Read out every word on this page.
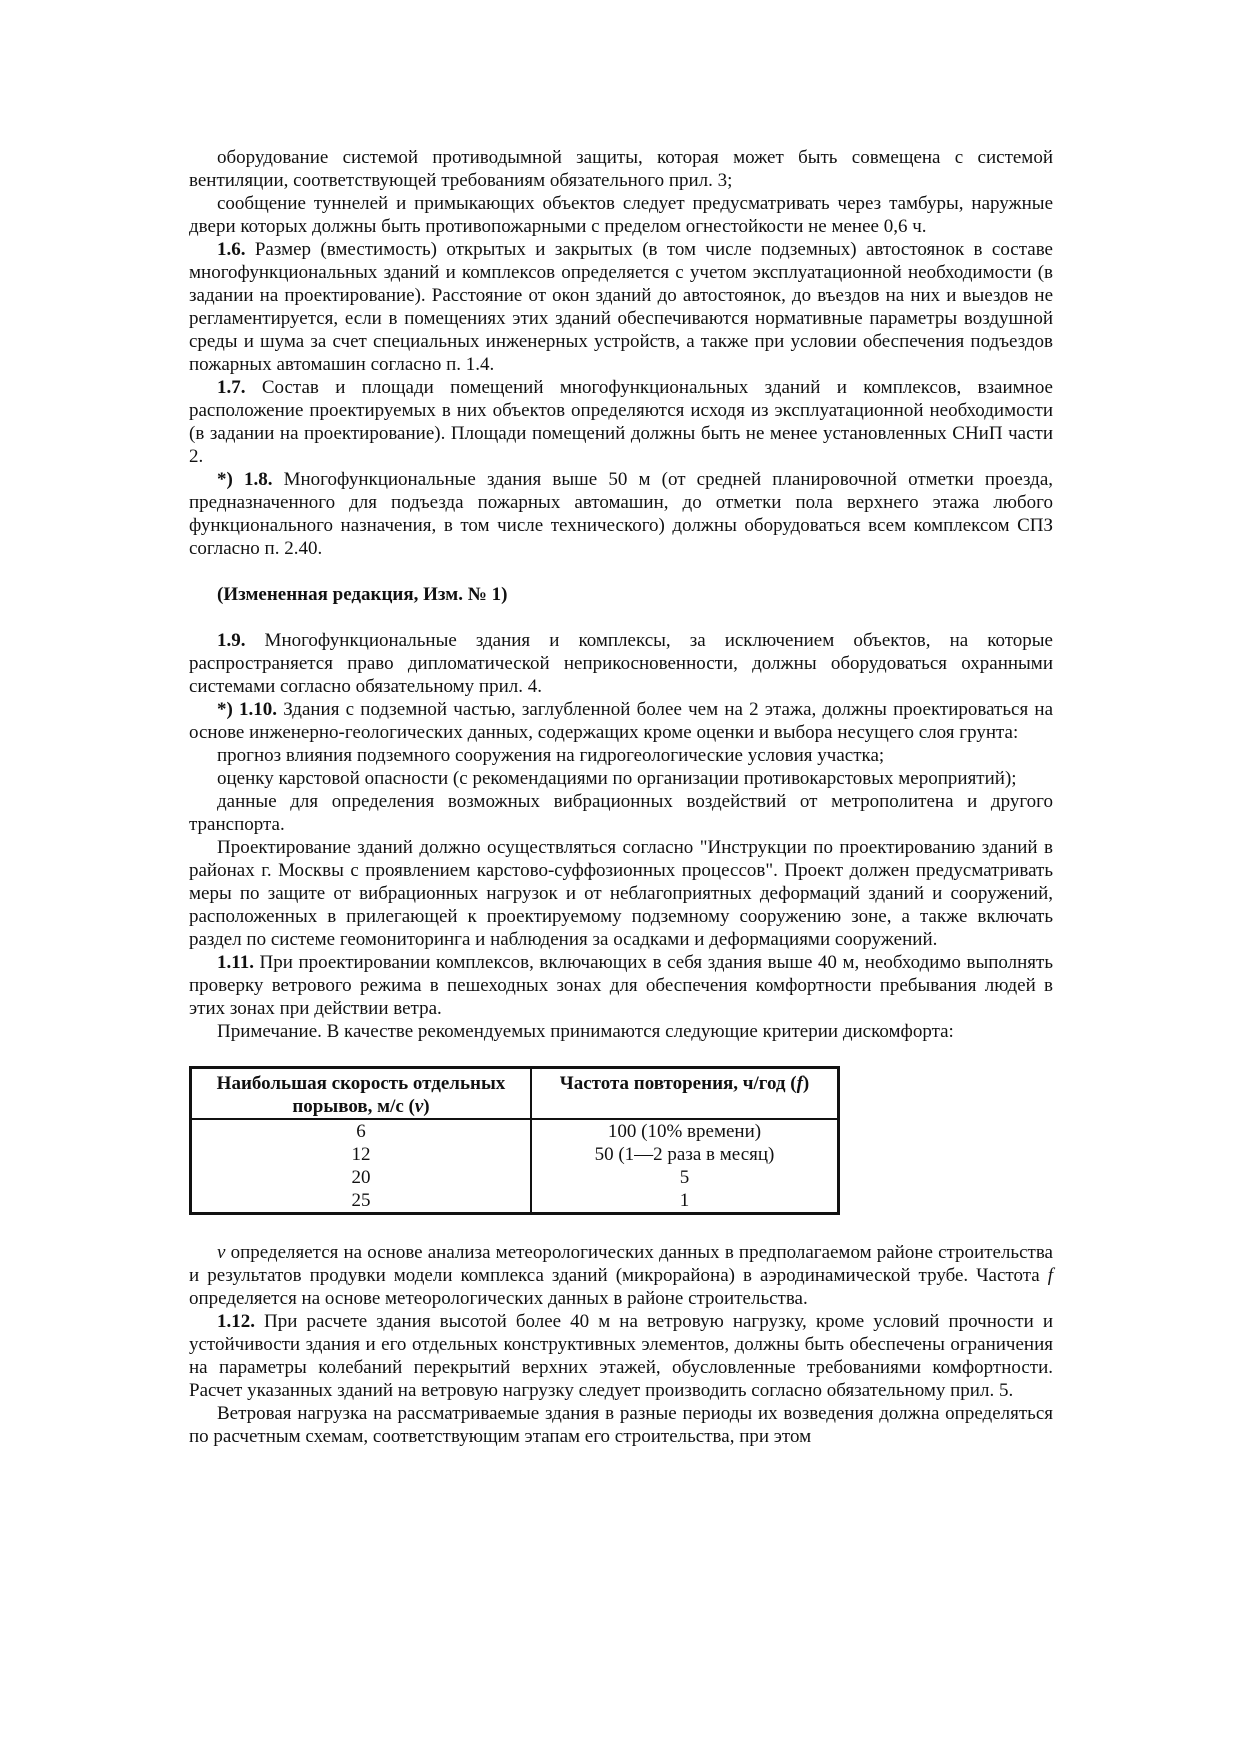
оборудование системой противодымной защиты, которая может быть совмещена с системой вентиляции, соответствующей требованиям обязательного прил. 3;

сообщение туннелей и примыкающих объектов следует предусматривать через тамбуры, наружные двери которых должны быть противопожарными с пределом огнестойкости не менее 0,6 ч.

1.6. Размер (вместимость) открытых и закрытых (в том числе подземных) автостоянок в составе многофункциональных зданий и комплексов определяется с учетом эксплуатационной необходимости (в задании на проектирование). Расстояние от окон зданий до автостоянок, до въездов на них и выездов не регламентируется, если в помещениях этих зданий обеспечиваются нормативные параметры воздушной среды и шума за счет специальных инженерных устройств, а также при условии обеспечения подъездов пожарных автомашин согласно п. 1.4.

1.7. Состав и площади помещений многофункциональных зданий и комплексов, взаимное расположение проектируемых в них объектов определяются исходя из эксплуатационной необходимости (в задании на проектирование). Площади помещений должны быть не менее установленных СНиП части 2.

*) 1.8. Многофункциональные здания выше 50 м (от средней планировочной отметки проезда, предназначенного для подъезда пожарных автомашин, до отметки пола верхнего этажа любого функционального назначения, в том числе технического) должны оборудоваться всем комплексом СПЗ согласно п. 2.40.

(Измененная редакция, Изм. № 1)

1.9. Многофункциональные здания и комплексы, за исключением объектов, на которые распространяется право дипломатической неприкосновенности, должны оборудоваться охранными системами согласно обязательному прил. 4.

*) 1.10. Здания с подземной частью, заглубленной более чем на 2 этажа, должны проектироваться на основе инженерно-геологических данных, содержащих кроме оценки и выбора несущего слоя грунта:

прогноз влияния подземного сооружения на гидрогеологические условия участка;

оценку карстовой опасности (с рекомендациями по организации противокарстовых мероприятий);

данные для определения возможных вибрационных воздействий от метрополитена и другого транспорта.

Проектирование зданий должно осуществляться согласно "Инструкции по проектированию зданий в районах г. Москвы с проявлением карстово-суффозионных процессов". Проект должен предусматривать меры по защите от вибрационных нагрузок и от неблагоприятных деформаций зданий и сооружений, расположенных в прилегающей к проектируемому подземному сооружению зоне, а также включать раздел по системе геомониторинга и наблюдения за осадками и деформациями сооружений.

1.11. При проектировании комплексов, включающих в себя здания выше 40 м, необходимо выполнять проверку ветрового режима в пешеходных зонах для обеспечения комфортности пребывания людей в этих зонах при действии ветра.

Примечание. В качестве рекомендуемых принимаются следующие критерии дискомфорта:

Наибольшая скорость отдельных порывов, м/с (v)	Частота повторения, ч/год (f)
6	100 (10% времени)
12	50 (1—2 раза в месяц)
20	5
25	1

v определяется на основе анализа метеорологических данных в предполагаемом районе строительства и результатов продувки модели комплекса зданий (микрорайона) в аэродинамической трубе. Частота f определяется на основе метеорологических данных в районе строительства.

1.12. При расчете здания высотой более 40 м на ветровую нагрузку, кроме условий прочности и устойчивости здания и его отдельных конструктивных элементов, должны быть обеспечены ограничения на параметры колебаний перекрытий верхних этажей, обусловленные требованиями комфортности. Расчет указанных зданий на ветровую нагрузку следует производить согласно обязательному прил. 5.

Ветровая нагрузка на рассматриваемые здания в разные периоды их возведения должна определяться по расчетным схемам, соответствующим этапам его строительства, при этом
